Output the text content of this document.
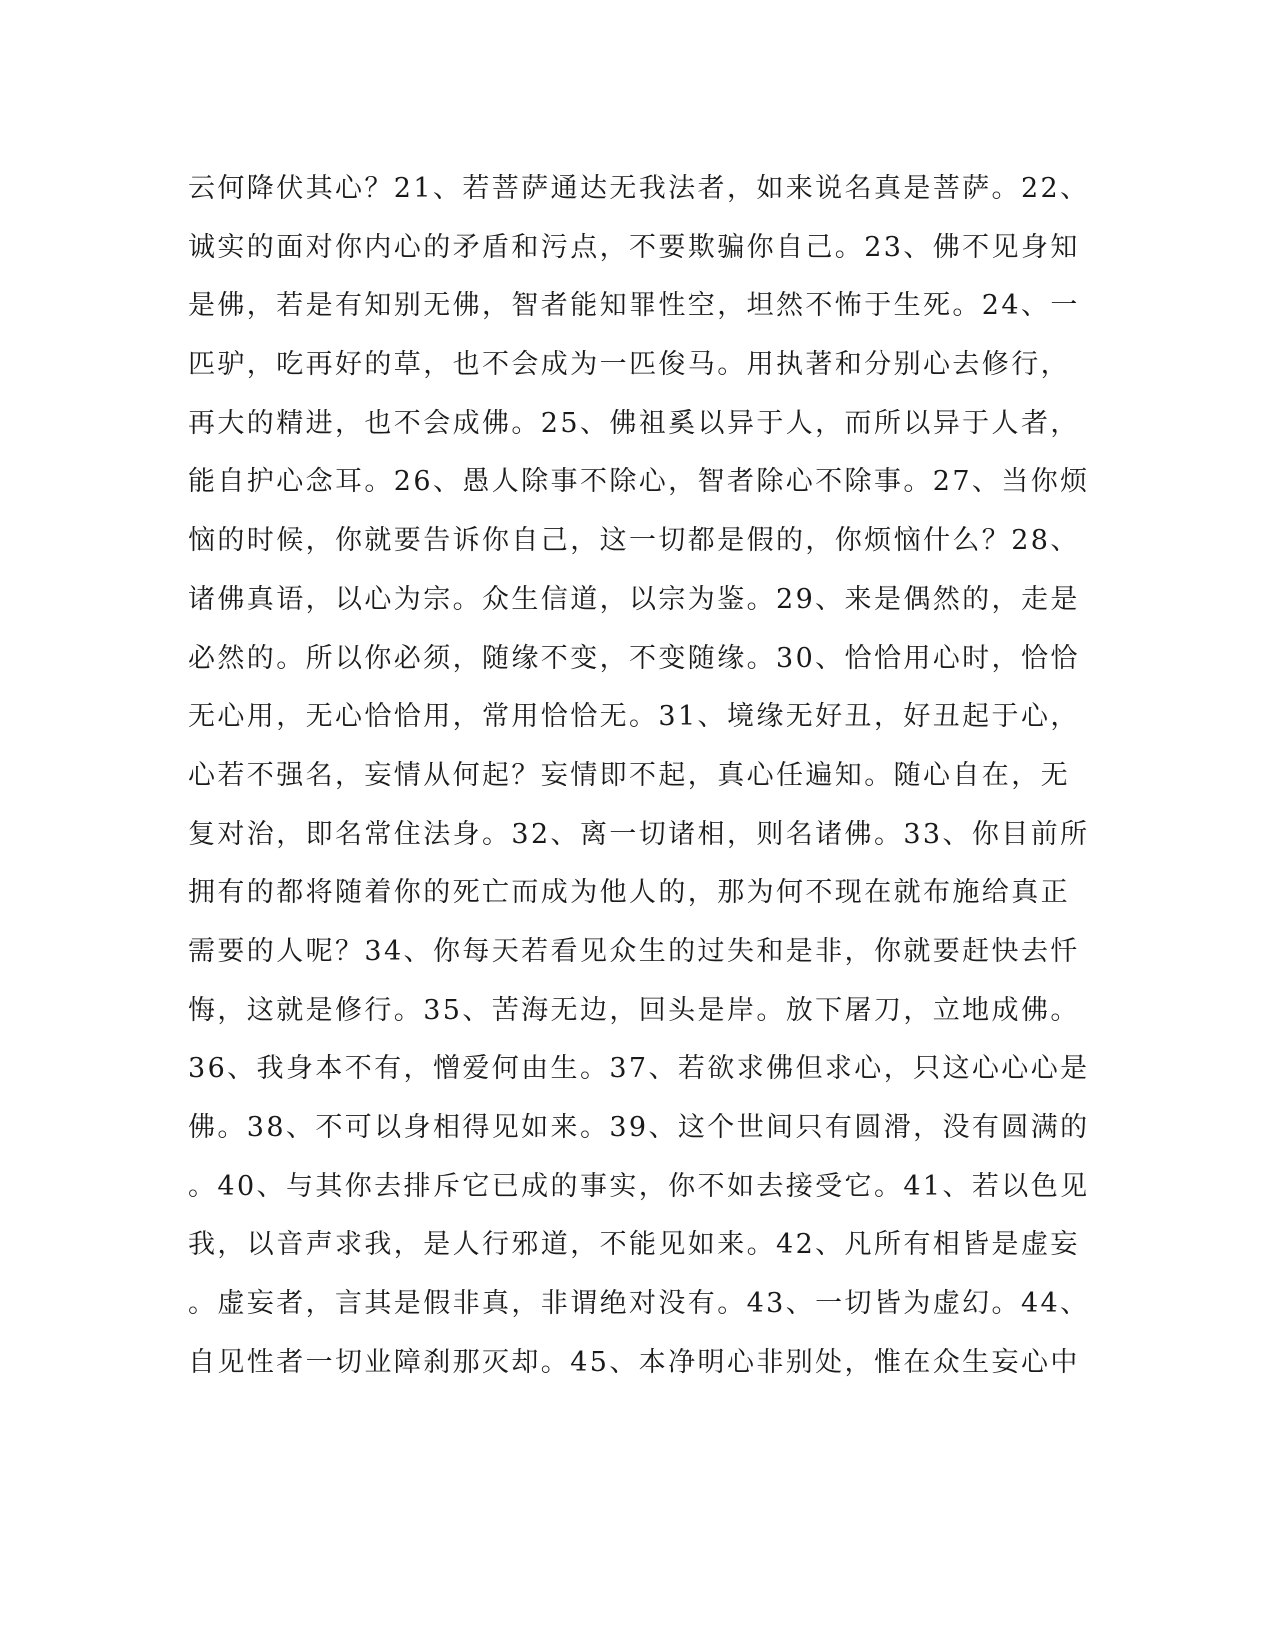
云何降伏其心？21、若菩萨通达无我法者，如来说名真是菩萨。22、
诚实的面对你内心的矛盾和污点，不要欺骗你自己。23、佛不见身知
是佛，若是有知别无佛，智者能知罪性空，坦然不怖于生死。24、一
匹驴，吃再好的草，也不会成为一匹俊马。用执著和分别心去修行，
再大的精进，也不会成佛。25、佛祖奚以异于人，而所以异于人者，
能自护心念耳。26、愚人除事不除心，智者除心不除事。27、当你烦
恼的时候，你就要告诉你自己，这一切都是假的，你烦恼什么？28、
诸佛真语，以心为宗。众生信道，以宗为鉴。29、来是偶然的，走是
必然的。所以你必须，随缘不变，不变随缘。30、恰恰用心时，恰恰
无心用，无心恰恰用，常用恰恰无。31、境缘无好丑，好丑起于心，
心若不强名，妄情从何起？妄情即不起，真心任遍知。随心自在，无
复对治，即名常住法身。32、离一切诸相，则名诸佛。33、你目前所
拥有的都将随着你的死亡而成为他人的，那为何不现在就布施给真正
需要的人呢？34、你每天若看见众生的过失和是非，你就要赶快去忏
悔，这就是修行。35、苦海无边，回头是岸。放下屠刀，立地成佛。
36、我身本不有，憎爱何由生。37、若欲求佛但求心，只这心心心是
佛。38、不可以身相得见如来。39、这个世间只有圆滑，没有圆满的
。40、与其你去排斥它已成的事实，你不如去接受它。41、若以色见
我，以音声求我，是人行邪道，不能见如来。42、凡所有相皆是虚妄
。虚妄者，言其是假非真，非谓绝对没有。43、一切皆为虚幻。44、
自见性者一切业障刹那灭却。45、本净明心非别处，惟在众生妄心中
